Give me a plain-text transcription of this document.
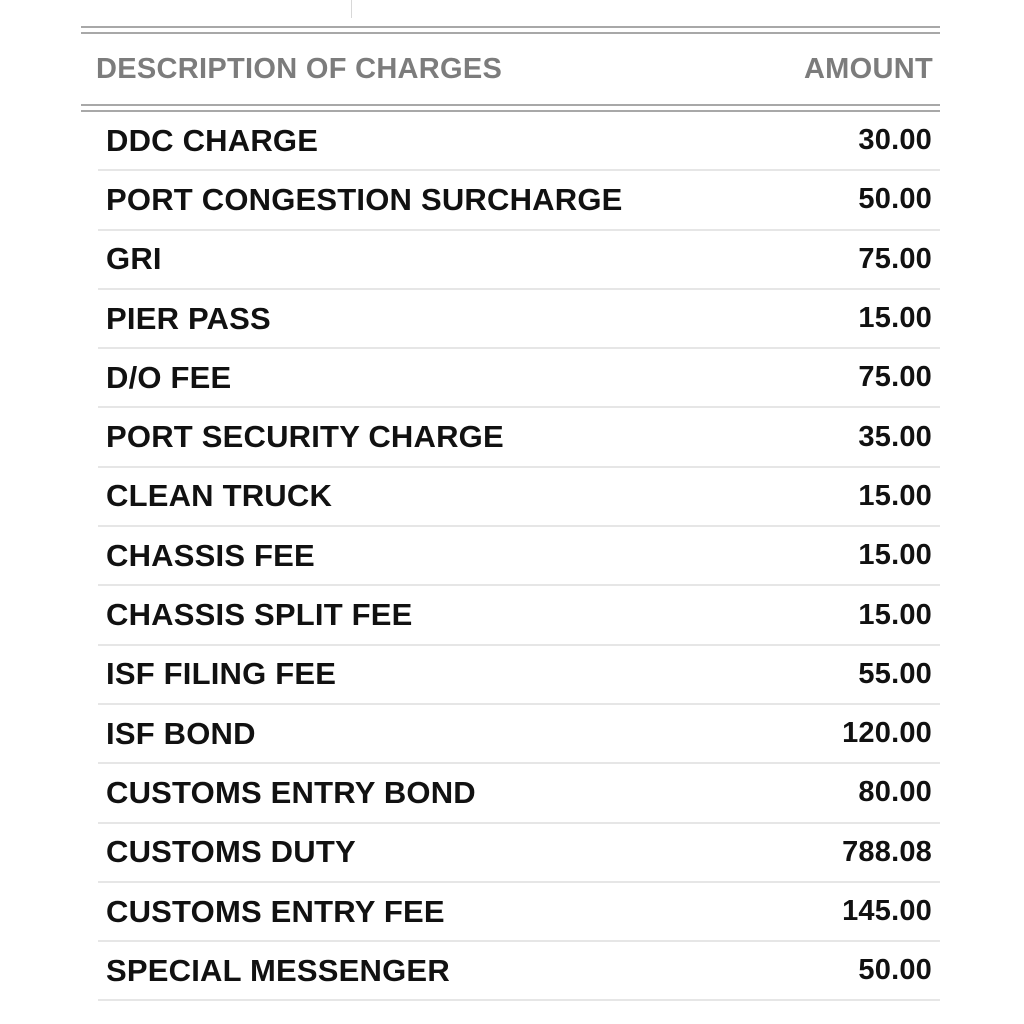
DESCRIPTION OF CHARGES	AMOUNT
DDC CHARGE	30.00
PORT CONGESTION SURCHARGE	50.00
GRI	75.00
PIER PASS	15.00
D/O FEE	75.00
PORT SECURITY CHARGE	35.00
CLEAN TRUCK	15.00
CHASSIS FEE	15.00
CHASSIS SPLIT FEE	15.00
ISF FILING FEE	55.00
ISF BOND	120.00
CUSTOMS ENTRY BOND	80.00
CUSTOMS DUTY	788.08
CUSTOMS ENTRY FEE	145.00
SPECIAL MESSENGER	50.00
